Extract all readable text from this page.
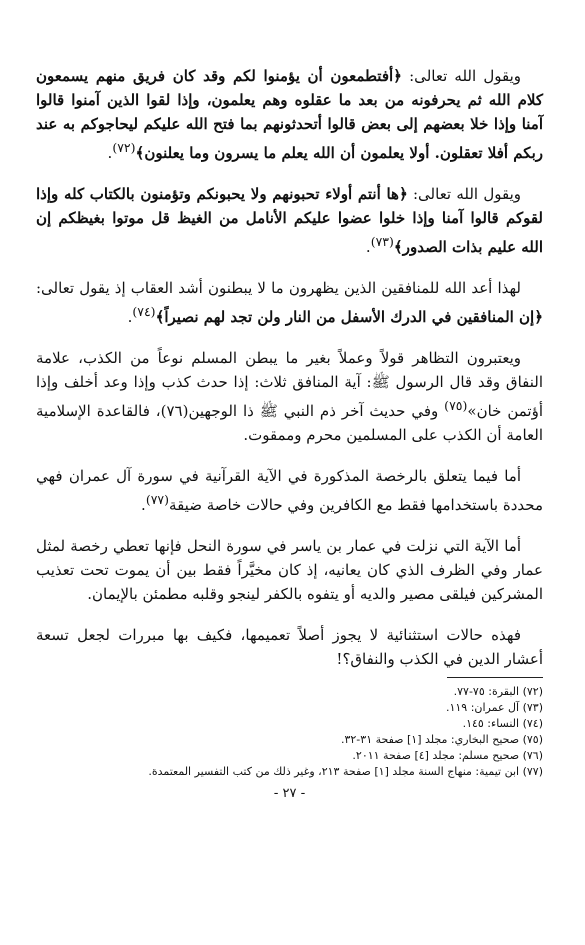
ويقول الله تعالى: ﴿أفتطمعون أن يؤمنوا لكم وقد كان فريق منهم يسمعون كلام الله ثم يحرفونه من بعد ما عقلوه وهم يعلمون، وإذا لقوا الذين آمنوا قالوا آمنا وإذا خلا بعضهم إلى بعض قالوا أتحدثونهم بما فتح الله عليكم ليحاجوكم به عند ربكم أفلا تعقلون. أولا يعلمون أن الله يعلم ما يسرون وما يعلنون﴾$^{(٧٢)}$.

ويقول الله تعالى: ﴿ها أنتم أولاء تحبونهم ولا يحبونكم وتؤمنون بالكتاب كله وإذا لقوكم قالوا آمنا وإذا خلوا عضوا عليكم الأنامل من الغيظ قل موتوا بغيظكم إن الله عليم بذات الصدور﴾$^{(٧٣)}$.

لهذا أعد الله للمنافقين الذين يظهرون ما لا يبطنون أشد العقاب إذ يقول تعالى: ﴿إن المنافقين في الدرك الأسفل من النار ولن تجد لهم نصيراً﴾$^{(٧٤)}$.

ويعتبرون التظاهر قولاً وعملاً بغير ما يبطن المسلم نوعاً من الكذب، علامة النفاق وقد قال الرسول ﷺ: آية المنافق ثلاث: إذا حدث كذب وإذا وعد أخلف وإذا أؤتمن خان»$^{(٧٥)}$ وفي حديث آخر ذم النبي ﷺ ذا الوجهين(٧٦)، فالقاعدة الإسلامية العامة أن الكذب على المسلمين محرم وممقوت.

أما فيما يتعلق بالرخصة المذكورة في الآية القرآنية في سورة آل عمران فهي محددة باستخدامها فقط مع الكافرين وفي حالات خاصة ضيقة$^{(٧٧)}$.

أما الآية التي نزلت في عمار بن ياسر في سورة النحل فإنها تعطي رخصة لمثل عمار وفي الظرف الذي كان يعانيه، إذ كان مخيَّراً فقط بين أن يموت تحت تعذيب المشركين فيلقى مصير والديه أو يتفوه بالكفر لينجو وقلبه مطمئن بالإيمان.

فهذه حالات استثنائية لا يجوز أصلاً تعميمها، فكيف بها مبررات لجعل تسعة أعشار الدين في الكذب والنفاق؟!

(٧٢) البقرة: ٧٥-٧٧.

(٧٣) آل عمران: ١١٩.

(٧٤) النساء: ١٤٥.

(٧٥) صحيح البخاري: مجلد [١] صفحة ٣١-٣٢.

(٧٦) صحيح مسلم: مجلد [٤] صفحة ٢٠١١.

(٧٧) ابن تيمية: منهاج السنة مجلد [١] صفحة ٢١٣، وغير ذلك من كتب التفسير المعتمدة.

- ٢٧ -
